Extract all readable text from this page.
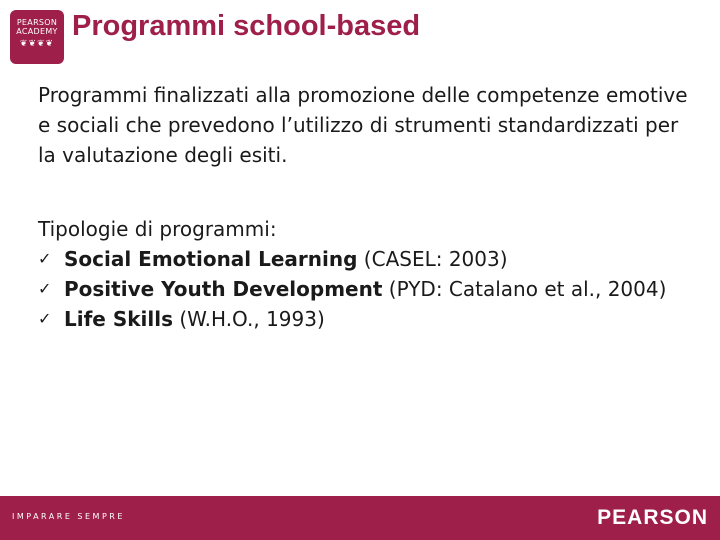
PEARSON
ACADEMY
❦❦❦❦
Programmi school-based

Programmi finalizzati alla promozione delle competenze emotive e sociali che prevedono l’utilizzo di strumenti standardizzati per la valutazione degli esiti.

Tipologie di programmi:

✓ Social Emotional Learning (CASEL: 2003)
✓ Positive Youth Development (PYD: Catalano et al., 2004)
✓ Life Skills (W.H.O., 1993)
IMPARARE SEMPRE	PEARSON
